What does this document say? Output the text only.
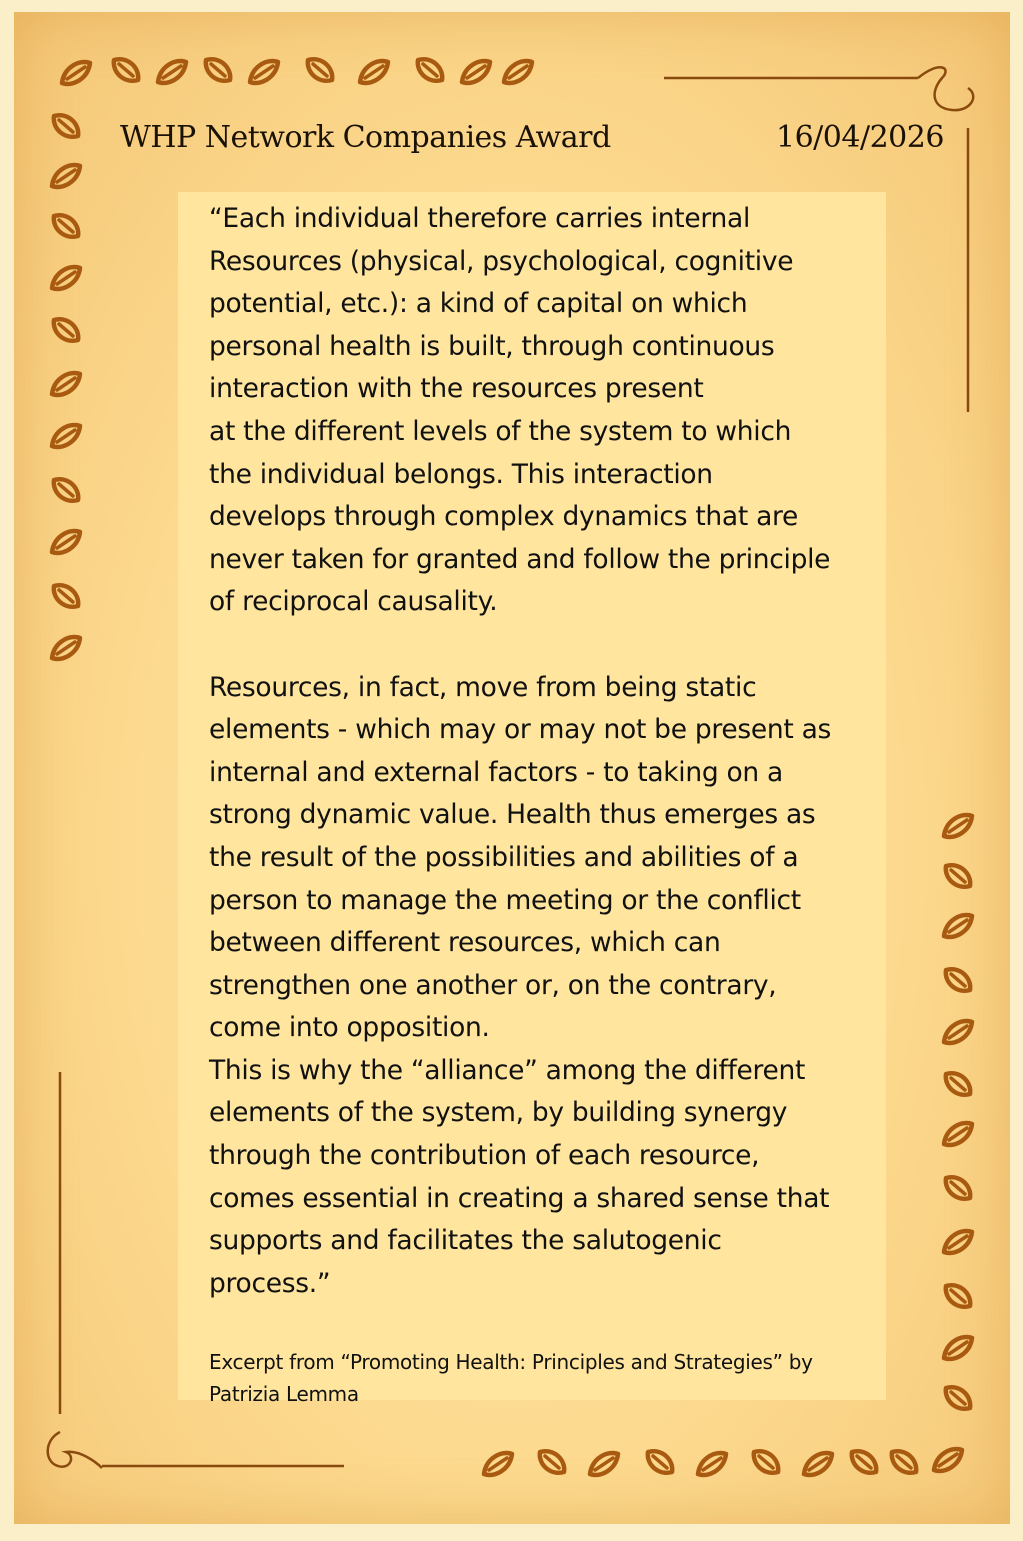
WHP Network Companies Award	16/04/2026
“Each individual therefore carries internal
Resources (physical, psychological, cognitive
potential, etc.): a kind of capital on which
personal health is built, through continuous
interaction with the resources present
at the different levels of the system to which
the individual belongs. This interaction
develops through complex dynamics that are
never taken for granted and follow the principle
of reciprocal causality.

Resources, in fact, move from being static
elements - which may or may not be present as
internal and external factors - to taking on a
strong dynamic value. Health thus emerges as
the result of the possibilities and abilities of a
person to manage the meeting or the conflict
between different resources, which can
strengthen one another or, on the contrary,
come into opposition.
This is why the “alliance” among the different
elements of the system, by building synergy
through the contribution of each resource,
comes essential in creating a shared sense that
supports and facilitates the salutogenic
process.”
Excerpt from “Promoting Health: Principles and Strategies” by
Patrizia Lemma
